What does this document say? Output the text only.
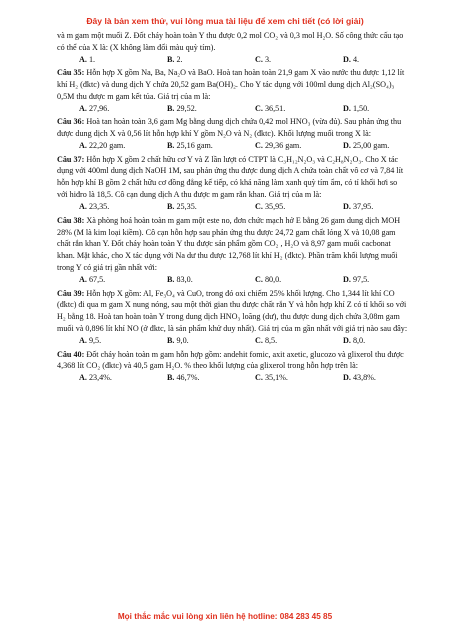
Đây là bản xem thử, vui lòng mua tài liệu để xem chi tiết (có lời giải)

và m gam một muối Z. Đốt cháy hoàn toàn Y thu được 0,2 mol CO₂ và 0,3 mol H₂O. Số công thức cấu tạo có thể của X là: (X không làm đổi màu quỳ tím).

A. 1.	B. 2.	C. 3.	D. 4.

Câu 35: Hỗn hợp X gồm Na, Ba, Na₂O và BaO. Hoà tan hoàn toàn 21,9 gam X vào nước thu được 1,12 lít khí H₂ (đktc) và dung dịch Y chứa 20,52 gam Ba(OH)₂. Cho Y tác dụng với 100ml dung dịch Al₂(SO₄)₃ 0,5M thu được m gam kết tủa. Giá trị của m là:

A. 27,96.	B. 29,52.	C. 36,51.	D. 1,50.

Câu 36: Hoà tan hoàn toàn 3,6 gam Mg bằng dung dịch chứa 0,42 mol HNO₃ (vừa đủ). Sau phản ứng thu được dung dịch X và 0,56 lít hỗn hợp khí Y gồm N₂O và N₂ (đktc). Khối lượng muối trong X là:

A. 22,20 gam.	B. 25,16 gam.	C. 29,36 gam.	D. 25,00 gam.

Câu 37: Hỗn hợp X gồm 2 chất hữu cơ Y và Z lần lượt có CTPT là C₃H₁₂N₂O₃ và C₂H₈N₂O₃. Cho X tác dụng với 400ml dung dịch NaOH 1M, sau phản ứng thu được dung dịch A chứa toàn chất vô cơ và 7,84 lít hỗn hợp khí B gồm 2 chất hữu cơ đồng đẳng kế tiếp, có khả năng làm xanh quỳ tím ẩm, có tỉ khối hơi so với hiđro là 18,5. Cô cạn dung dịch A thu được m gam rắn khan. Giá trị của m là:

A. 23,35.	B. 25,35.	C. 35,95.	D. 37,95.

Câu 38: Xà phòng hoá hoàn toàn m gam một este no, đơn chức mạch hở E bằng 26 gam dung dịch MOH 28% (M là kim loại kiềm). Cô cạn hỗn hợp sau phản ứng thu được 24,72 gam chất lỏng X và 10,08 gam chất rắn khan Y. Đốt cháy hoàn toàn Y thu được sản phẩm gồm CO₂ , H₂O và 8,97 gam muối cacbonat khan. Mặt khác, cho X tác dụng với Na dư thu được 12,768 lít khí H₂ (đktc). Phần trăm khối lượng muối trong Y có giá trị gần nhất với:

A. 67,5.	B. 83,0.	C. 80,0.	D. 97,5.

Câu 39: Hỗn hợp X gồm: Al, Fe₃O₄ và CuO, trong đó oxi chiếm 25% khối lượng. Cho 1,344 lít khí CO (đktc) đi qua m gam X nung nóng, sau một thời gian thu được chất rắn Y và hỗn hợp khí Z có tỉ khối so với H₂ bằng 18. Hoà tan hoàn toàn Y trong dung dịch HNO₃ loãng (dư), thu được dung dịch chứa 3,08m gam muối và 0,896 lít khí NO (ở đktc, là sản phẩm khử duy nhất). Giá trị của m gần nhất với giá trị nào sau đây:

A. 9,5.	B. 9,0.	C. 8,5.	D. 8,0.

Câu 40: Đốt cháy hoàn toàn m gam hỗn hợp gồm: andehit fomic, axit axetic, glucozo và glixerol thu được 4,368 lít CO₂ (đktc) và 40,5 gam H₂O. % theo khối lượng của glixerol trong hỗn hợp trên là:

A. 23,4%.	B. 46,7%.	C. 35,1%.	D. 43,8%.
Mọi thắc mắc vui lòng xin liên hệ hotline: 084 283 45 85
